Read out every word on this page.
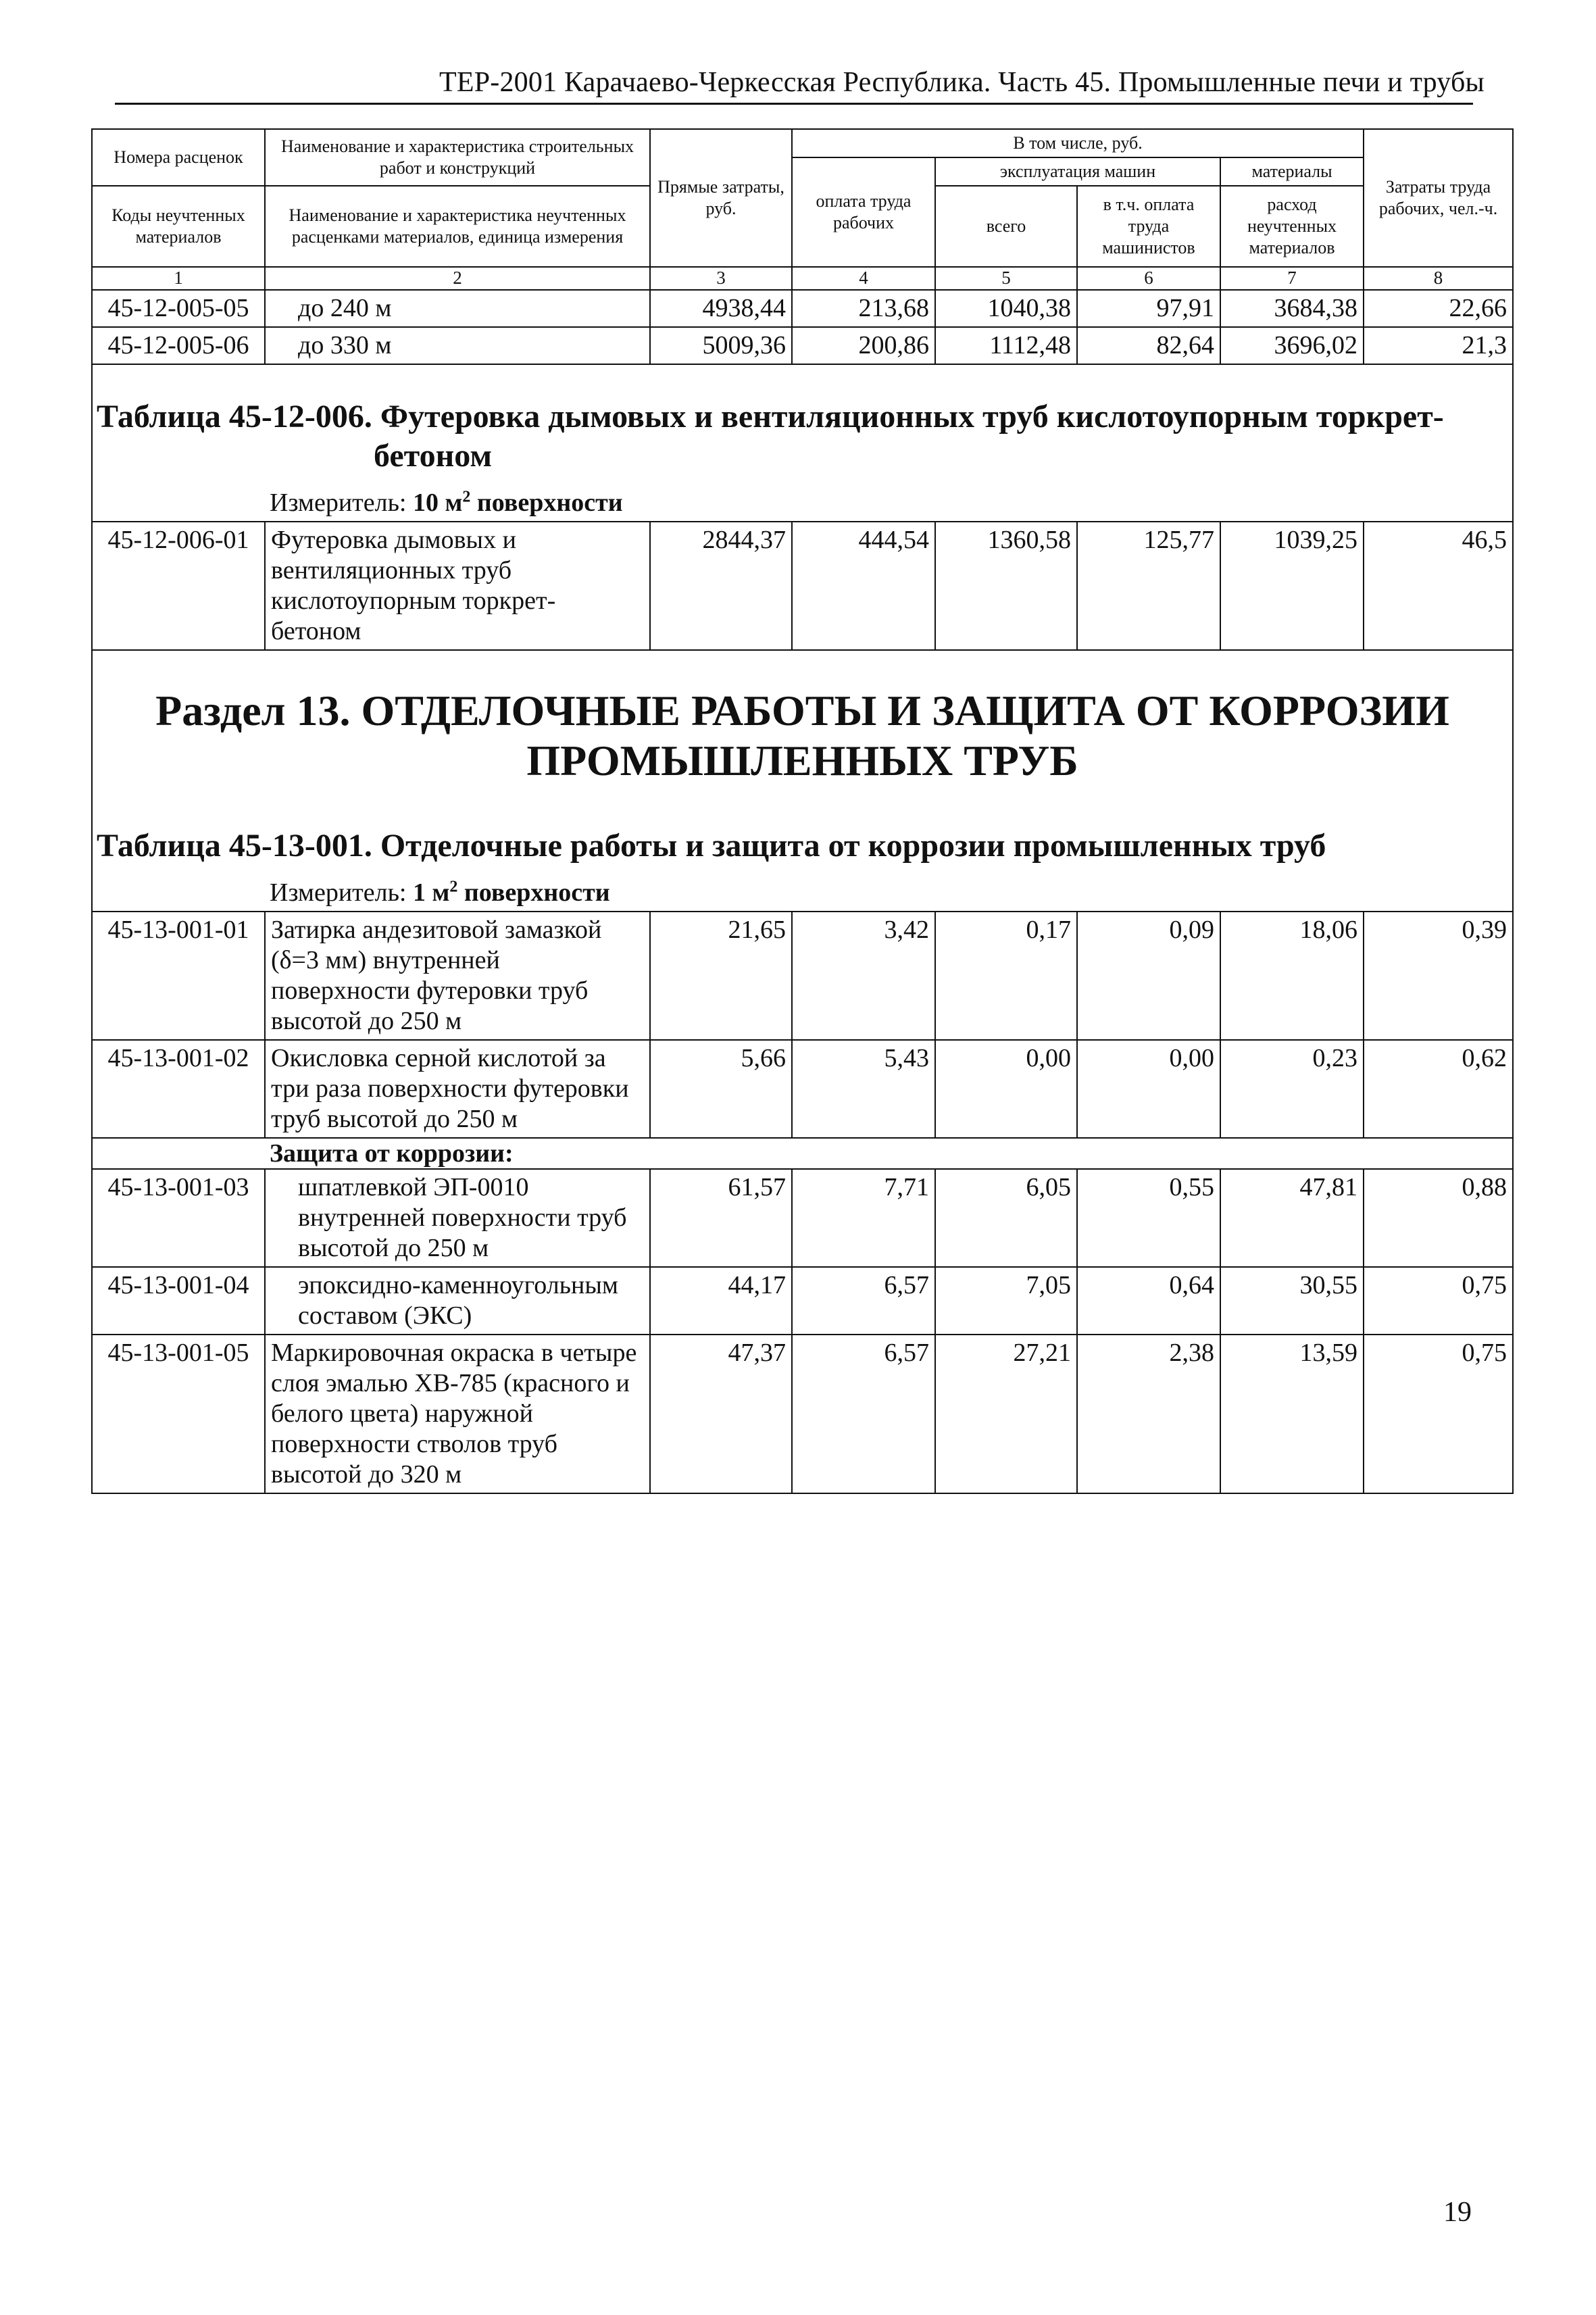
ТЕР-2001 Карачаево-Черкесская Республика. Часть 45. Промышленные печи и трубы
Номера расценок	Наименование и характеристика строительных работ и конструкций	Прямые затраты, руб.	В том числе, руб.				Затраты труда рабочих, чел.-ч.
			оплата труда рабочих	эксплуатация машин		материалы	
Коды неучтенных материалов	Наименование и характеристика неучтенных расценками материалов, единица измерения			всего	в т.ч. оплата труда машинистов	расход неучтенных материалов	

1	2	3	4	5	6	7	8
45-12-005-05	до 240 м	4938,44	213,68	1040,38	97,91	3684,38	22,66
45-12-005-06	до 330 м	5009,36	200,86	1112,48	82,64	3696,02	21,3
Таблица 45-12-006. Футеровка дымовых и вентиляционных труб кислотоупорным торкрет-
бетоном							

Измеритель: 10 $м^2$ поверхности							
45-12-006-01	Футеровка дымовых и вентиляционных труб кислотоупорным торкрет-бетоном	2844,37	444,54	1360,58	125,77	1039,25	46,5
Раздел 13. ОТДЕЛОЧНЫЕ РАБОТЫ И ЗАЩИТА ОТ КОРРОЗИИ ПРОМЫШЛЕННЫХ ТРУБ							
Таблица 45-13-001. Отделочные работы и защита от коррозии промышленных труб							
Измеритель: 1 $м^2$ поверхности							
45-13-001-01	Затирка андезитовой замазкой (δ=3 мм) внутренней поверхности футеровки труб высотой до 250 м	21,65	3,42	0,17	0,09	18,06	0,39
45-13-001-02	Окисловка серной кислотой за три раза поверхности футеровки труб высотой до 250 м	5,66	5,43	0,00	0,00	0,23	0,62
Защита от коррозии:							
45-13-001-03	шпатлевкой ЭП-0010 внутренней поверхности труб высотой до 250 м	61,57	7,71	6,05	0,55	47,81	0,88
45-13-001-04	эпоксидно-каменноугольным составом (ЭКС)	44,17	6,57	7,05	0,64	30,55	0,75
45-13-001-05	Маркировочная окраска в четыре слоя эмалью ХВ-785 (красного и белого цвета) наружной поверхности стволов труб высотой до 320 м	47,37	6,57	27,21	2,38	13,59	0,75
19
